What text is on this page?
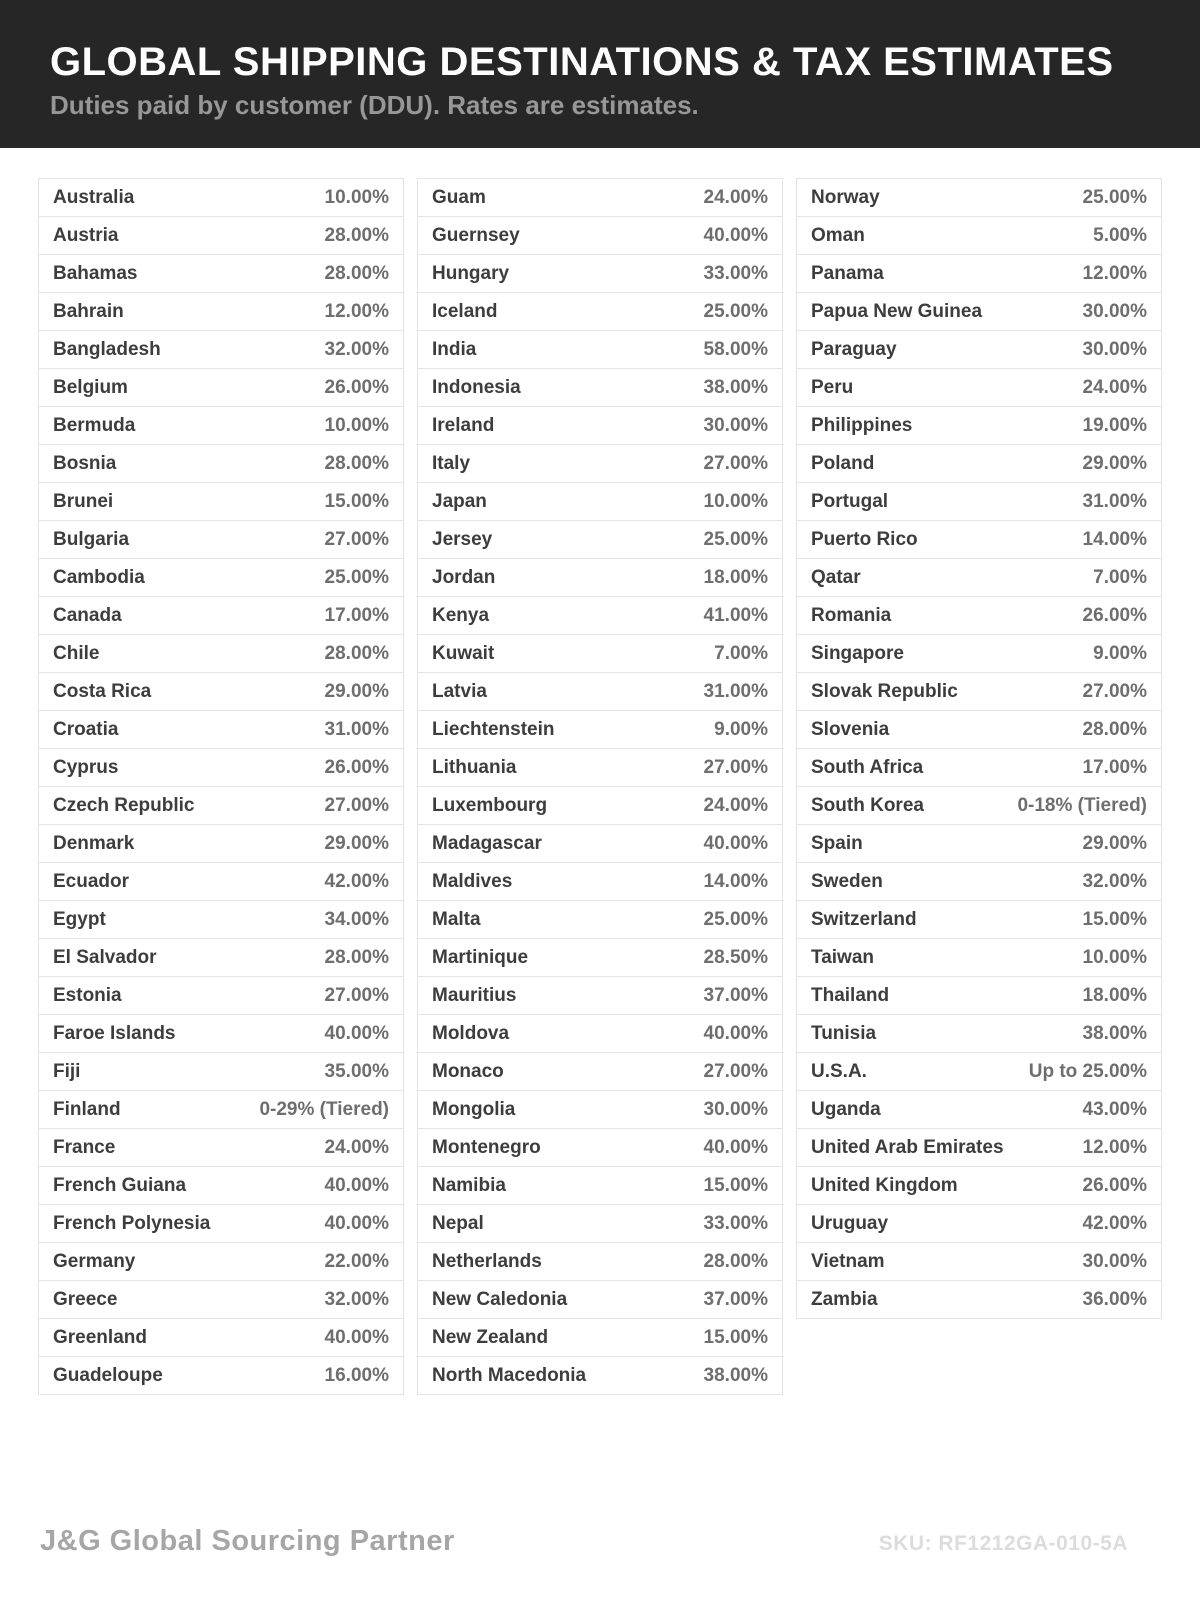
GLOBAL SHIPPING DESTINATIONS & TAX ESTIMATES
Duties paid by customer (DDU). Rates are estimates.
Australia	10.00%
Austria	28.00%
Bahamas	28.00%
Bahrain	12.00%
Bangladesh	32.00%
Belgium	26.00%
Bermuda	10.00%
Bosnia	28.00%
Brunei	15.00%
Bulgaria	27.00%
Cambodia	25.00%
Canada	17.00%
Chile	28.00%
Costa Rica	29.00%
Croatia	31.00%
Cyprus	26.00%
Czech Republic	27.00%
Denmark	29.00%
Ecuador	42.00%
Egypt	34.00%
El Salvador	28.00%
Estonia	27.00%
Faroe Islands	40.00%
Fiji	35.00%
Finland	0-29% (Tiered)
France	24.00%
French Guiana	40.00%
French Polynesia	40.00%
Germany	22.00%
Greece	32.00%
Greenland	40.00%
Guadeloupe	16.00%
Guam	24.00%
Guernsey	40.00%
Hungary	33.00%
Iceland	25.00%
India	58.00%
Indonesia	38.00%
Ireland	30.00%
Italy	27.00%
Japan	10.00%
Jersey	25.00%
Jordan	18.00%
Kenya	41.00%
Kuwait	7.00%
Latvia	31.00%
Liechtenstein	9.00%
Lithuania	27.00%
Luxembourg	24.00%
Madagascar	40.00%
Maldives	14.00%
Malta	25.00%
Martinique	28.50%
Mauritius	37.00%
Moldova	40.00%
Monaco	27.00%
Mongolia	30.00%
Montenegro	40.00%
Namibia	15.00%
Nepal	33.00%
Netherlands	28.00%
New Caledonia	37.00%
New Zealand	15.00%
North Macedonia	38.00%
Norway	25.00%
Oman	5.00%
Panama	12.00%
Papua New Guinea	30.00%
Paraguay	30.00%
Peru	24.00%
Philippines	19.00%
Poland	29.00%
Portugal	31.00%
Puerto Rico	14.00%
Qatar	7.00%
Romania	26.00%
Singapore	9.00%
Slovak Republic	27.00%
Slovenia	28.00%
South Africa	17.00%
South Korea	0-18% (Tiered)
Spain	29.00%
Sweden	32.00%
Switzerland	15.00%
Taiwan	10.00%
Thailand	18.00%
Tunisia	38.00%
U.S.A.	Up to 25.00%
Uganda	43.00%
United Arab Emirates	12.00%
United Kingdom	26.00%
Uruguay	42.00%
Vietnam	30.00%
Zambia	36.00%
J&G Global Sourcing Partner	SKU: RF1212GA-010-5A
